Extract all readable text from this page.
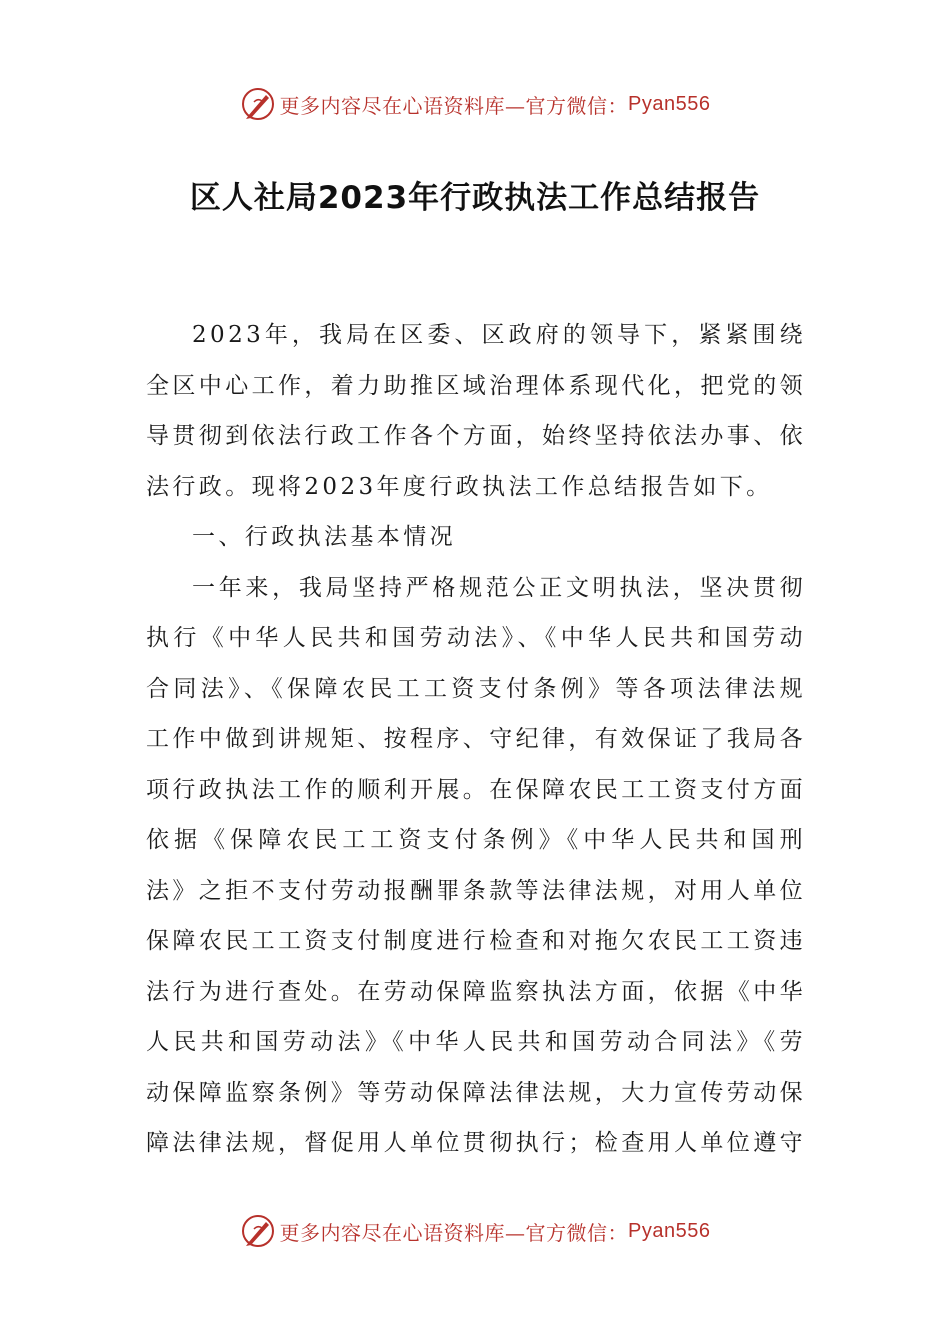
更多内容尽在心语资料库—官方微信： Pyan556
区人社局2023年行政执法工作总结报告

2023年，我局在区委、区政府的领导下，紧紧围绕全区中心工作，着力助推区域治理体系现代化，把党的领导贯彻到依法行政工作各个方面，始终坚持依法办事、依法行政。现将2023年度行政执法工作总结报告如下。

一、行政执法基本情况

一年来，我局坚持严格规范公正文明执法，坚决贯彻执行《中华人民共和国劳动法》、《中华人民共和国劳动合同法》、《保障农民工工资支付条例》等各项法律法规工作中做到讲规矩、按程序、守纪律，有效保证了我局各项行政执法工作的顺利开展。在保障农民工工资支付方面依据《保障农民工工资支付条例》《中华人民共和国刑法》之拒不支付劳动报酬罪条款等法律法规，对用人单位保障农民工工资支付制度进行检查和对拖欠农民工工资违法行为进行查处。在劳动保障监察执法方面，依据《中华人民共和国劳动法》《中华人民共和国劳动合同法》《劳动保障监察条例》等劳动保障法律法规，大力宣传劳动保障法律法规，督促用人单位贯彻执行；检查用人单位遵守

更多内容尽在心语资料库—官方微信： Pyan556
